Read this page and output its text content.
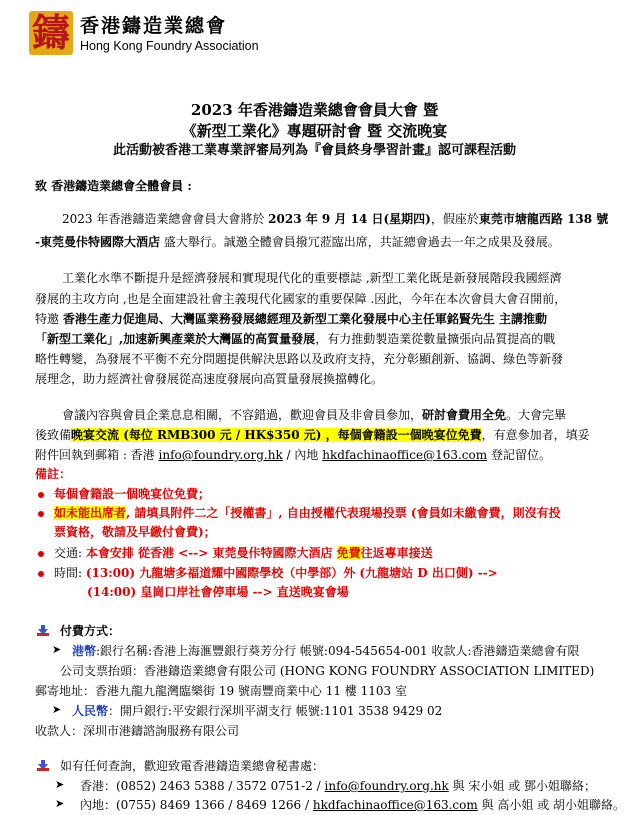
鑄 香港鑄造業總會
Hong Kong Foundry Association
2023 年香港鑄造業總會會員大會 暨
《新型工業化》專題研討會 暨 交流晚宴
此活動被香港工業專業評審局列為『會員終身學習計畫』認可課程活動
致 香港鑄造業總會全體會員 :
2023 年香港鑄造業總會會員大會將於 2023 年 9 月 14 日(星期四)，假座於東莞市塘龍西路 138 號
-東莞曼佧特國際大酒店 盛大舉行。誠邀全體會員撥冗蒞臨出席，共証總會過去一年之成果及發展。
工業化水準不斷提升是經濟發展和實現現代化的重要標誌 ,新型工業化既是新發展階段我國經濟
發展的主攻方向 ,也是全面建設社會主義現代化國家的重要保障 .因此，今年在本次會員大會召開前，
特邀 香港生產力促進局、大灣區業務發展總經理及新型工業化發展中心主任軍銘賢先生 主講推動
「新型工業化」,加速新興產業於大灣區的高質量發展，有力推動製造業從數量擴張向品質提高的戰
略性轉變，為發展不平衡不充分問題提供解決思路以及政府支持，充分彰顯創新、協調、綠色等新發
展理念，助力經濟社會發展從高速度發展向高質量發展換擋轉化。
會議內容與會員企業息息相關，不容錯過，歡迎會員及非會員參加，研討會費用全免。大會完畢
後致備晚宴交流 (每位 RMB300 元 / HK$350 元) ，每個會籍設一個晚宴位免費，有意參加者，填妥
附件回執到郵箱 : 香港 info@foundry.org.hk / 內地 hkdfachinaoffice@163.com 登記留位。
備註：
每個會籍設一個晚宴位免費；
如未能出席者, 請填具附件二之「授權書」, 自由授權代表現場投票 (會員如未繳會費，則沒有投
票資格，敬請及早繳付會費)；
交通: 本會安排 從香港 <--> 東莞曼佧特國際大酒店 免費往返專車接送
時間: (13:00) 九龍塘多福道耀中國際學校（中學部）外 (九龍塘站 D 出口側) -->
(14:00) 皇崗口岸社會停車場 --> 直送晚宴會場
付費方式：
➤ 港幣:銀行名稱:香港上海滙豐銀行葵芳分行 帳號:094-545654-001 收款人:香港鑄造業總會有限
公司支票抬頭：香港鑄造業總會有限公司 (HONG KONG FOUNDRY ASSOCIATION LIMITED)
郵寄地址：香港九龍九龍灣臨樂街 19 號南豐商業中心 11 樓 1103 室
➤ 人民幣：開戶銀行:平安銀行深圳平湖支行 帳號:1101 3538 9429 02
收款人：深圳市港鑄諮詢服務有限公司
如有任何查詢，歡迎致電香港鑄造業總會秘書處：
➤ 香港：(0852) 2463 5388 / 3572 0751-2 / info@foundry.org.hk 與 宋小姐 或 鄧小姐聯絡；
➤ 內地：(0755) 8469 1366 / 8469 1266 / hkdfachinaoffice@163.com 與 高小姐 或 胡小姐聯絡。
